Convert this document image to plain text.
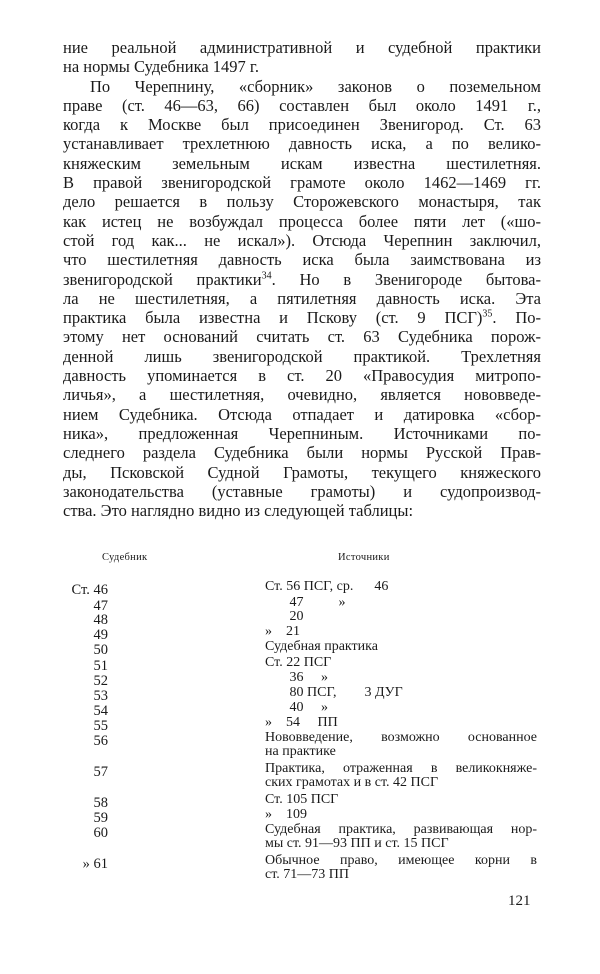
ние реальной административной и судебной практики
на нормы Судебника 1497 г.
По Черепнину, «сборник» законов о поземельном
праве (ст. 46—63, 66) составлен был около 1491 г.,
когда к Москве был присоединен Звенигород. Ст. 63
устанавливает трехлетнюю давность иска, а по велико-
княжеским земельным искам известна шестилетняя.
В правой звенигородской грамоте около 1462—1469 гг.
дело решается в пользу Сторожевского монастыря, так
как истец не возбуждал процесса более пяти лет («шо-
стой год как... не искал»). Отсюда Черепнин заключил,
что шестилетняя давность иска была заимствована из
звенигородской практики$^{34}$. Но в Звенигороде бытова-
ла не шестилетняя, а пятилетняя давность иска. Эта
практика была известна и Пскову (ст. 9 ПСГ)$^{35}$. По-
этому нет оснований считать ст. 63 Судебника порож-
денной лишь звенигородской практикой. Трехлетняя
давность упоминается в ст. 20 «Правосудия митропо-
личья», а шестилетняя, очевидно, является нововведе-
нием Судебника. Отсюда отпадает и датировка «сбор-
ника», предложенная Черепниным. Источниками по-
следнего раздела Судебника были нормы Русской Прав-
ды, Псковской Судной Грамоты, текущего княжеского
законодательства (уставные грамоты) и судопроизвод-
ства. Это наглядно видно из следующей таблицы:
Судебник	Источники
Ст. 46	Ст. 56 ПСГ, ср.      46
47	47          »
48	20
49	»    21
50	Судебная практика
51	Ст. 22 ПСГ
52	36     »
53	80 ПСГ,        3 ДУГ
54	40     »
55	»    54     ПП
56	Нововведение, возможно основанное
на практике
57	Практика, отраженная в великокняже-
ских грамотах и в ст. 42 ПСГ
58	Ст. 105 ПСГ
59	»    109
60	Судебная практика, развивающая нор-
мы ст. 91—93 ПП и ст. 15 ПСГ
» 61	Обычное право, имеющее корни в
ст. 71—73 ПП
121
